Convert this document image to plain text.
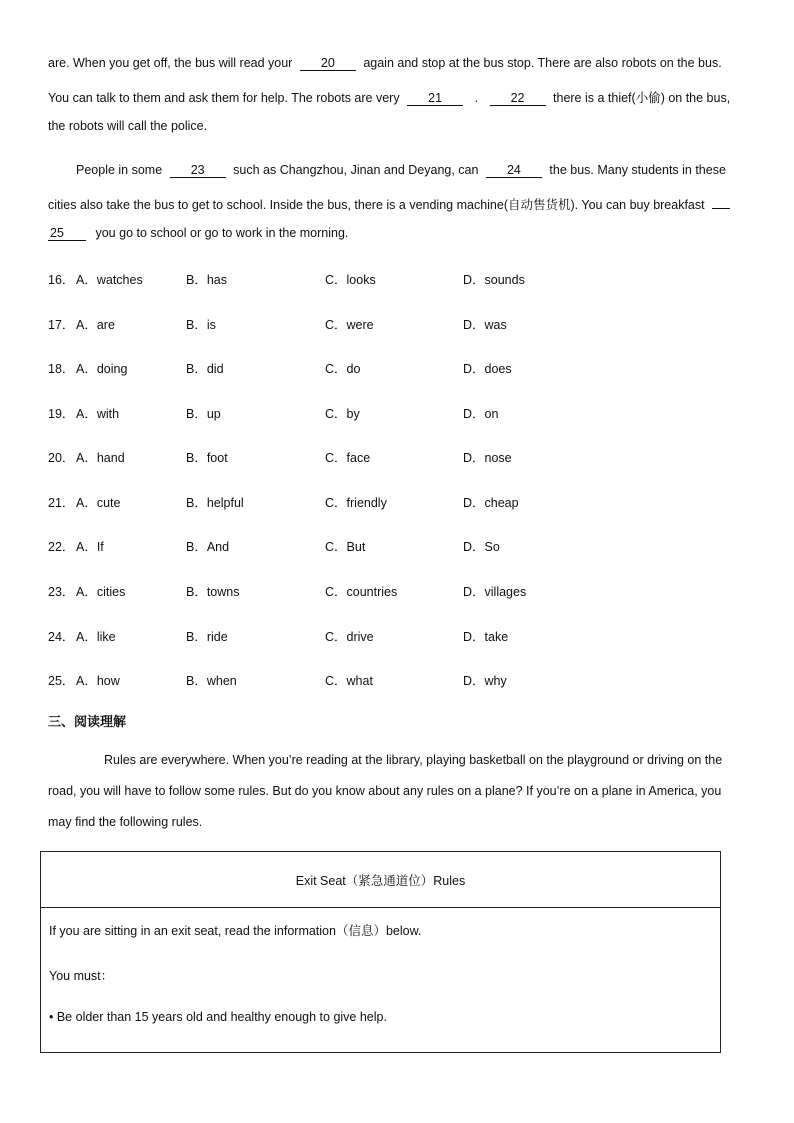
are. When you get off, the bus will read your 20 again and stop at the bus stop. There are also robots on the bus.
You can talk to them and ask them for help. The robots are very 21	.	22 there is a thief(小偷) on the bus,
the robots will call the police.
People in some 23 such as Changzhou, Jinan and Deyang, can 24 the bus. Many students in these
cities also take the bus to get to school. Inside the bus, there is a vending machine(自动售货机). You can buy breakfast
25	you go to school or go to work in the morning.
16． A．watches	B．has	C．looks	D．sounds
17． A．are	B．is	C．were	D．was
18． A．doing	B．did	C．do	D．does
19． A．with	B．up	C．by	D．on
20． A．hand	B．foot	C．face	D．nose
21． A．cute	B．helpful	C．friendly	D．cheap
22． A．If	B．And	C．But	D．So
23． A．cities	B．towns	C．countries	D．villages
24． A．like	B．ride	C．drive	D．take
25． A．how	B．when	C．what	D．why
三、阅读理解
Rules are everywhere. When you’re reading at the library, playing basketball on the playground or driving on the
road, you will have to follow some rules. But do you know about any rules on a plane? If you’re on a plane in America, you
may find the following rules.
Exit Seat（紧急通道位）Rules

If you are sitting in an exit seat, read the information（信息）below.
You must：
• Be older than 15 years old and healthy enough to give help.
